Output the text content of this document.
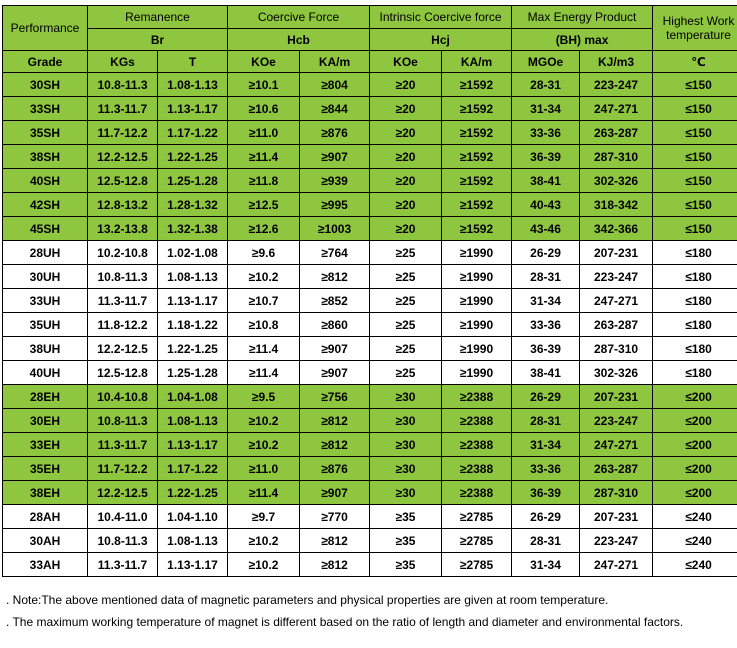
Performance	Remanence		Coercive Force		Intrinsic Coercive force		Max Energy Product		Highest Work temperature
	Br		Hcb		Hcj		(BH) max		
Grade	KGs	T	KOe	KA/m	KOe	KA/m	MGOe	KJ/m3	℃
30SH	10.8-11.3	1.08-1.13	≥10.1	≥804	≥20	≥1592	28-31	223-247	≤150
33SH	11.3-11.7	1.13-1.17	≥10.6	≥844	≥20	≥1592	31-34	247-271	≤150
35SH	11.7-12.2	1.17-1.22	≥11.0	≥876	≥20	≥1592	33-36	263-287	≤150
38SH	12.2-12.5	1.22-1.25	≥11.4	≥907	≥20	≥1592	36-39	287-310	≤150
40SH	12.5-12.8	1.25-1.28	≥11.8	≥939	≥20	≥1592	38-41	302-326	≤150
42SH	12.8-13.2	1.28-1.32	≥12.5	≥995	≥20	≥1592	40-43	318-342	≤150
45SH	13.2-13.8	1.32-1.38	≥12.6	≥1003	≥20	≥1592	43-46	342-366	≤150
28UH	10.2-10.8	1.02-1.08	≥9.6	≥764	≥25	≥1990	26-29	207-231	≤180
30UH	10.8-11.3	1.08-1.13	≥10.2	≥812	≥25	≥1990	28-31	223-247	≤180
33UH	11.3-11.7	1.13-1.17	≥10.7	≥852	≥25	≥1990	31-34	247-271	≤180
35UH	11.8-12.2	1.18-1.22	≥10.8	≥860	≥25	≥1990	33-36	263-287	≤180
38UH	12.2-12.5	1.22-1.25	≥11.4	≥907	≥25	≥1990	36-39	287-310	≤180
40UH	12.5-12.8	1.25-1.28	≥11.4	≥907	≥25	≥1990	38-41	302-326	≤180
28EH	10.4-10.8	1.04-1.08	≥9.5	≥756	≥30	≥2388	26-29	207-231	≤200
30EH	10.8-11.3	1.08-1.13	≥10.2	≥812	≥30	≥2388	28-31	223-247	≤200
33EH	11.3-11.7	1.13-1.17	≥10.2	≥812	≥30	≥2388	31-34	247-271	≤200
35EH	11.7-12.2	1.17-1.22	≥11.0	≥876	≥30	≥2388	33-36	263-287	≤200
38EH	12.2-12.5	1.22-1.25	≥11.4	≥907	≥30	≥2388	36-39	287-310	≤200
28AH	10.4-11.0	1.04-1.10	≥9.7	≥770	≥35	≥2785	26-29	207-231	≤240
30AH	10.8-11.3	1.08-1.13	≥10.2	≥812	≥35	≥2785	28-31	223-247	≤240
33AH	11.3-11.7	1.13-1.17	≥10.2	≥812	≥35	≥2785	31-34	247-271	≤240
. Note:The above mentioned data of magnetic parameters and physical properties are given at room temperature.
. The maximum working temperature of magnet is different based on the ratio of length and diameter and environmental factors.
